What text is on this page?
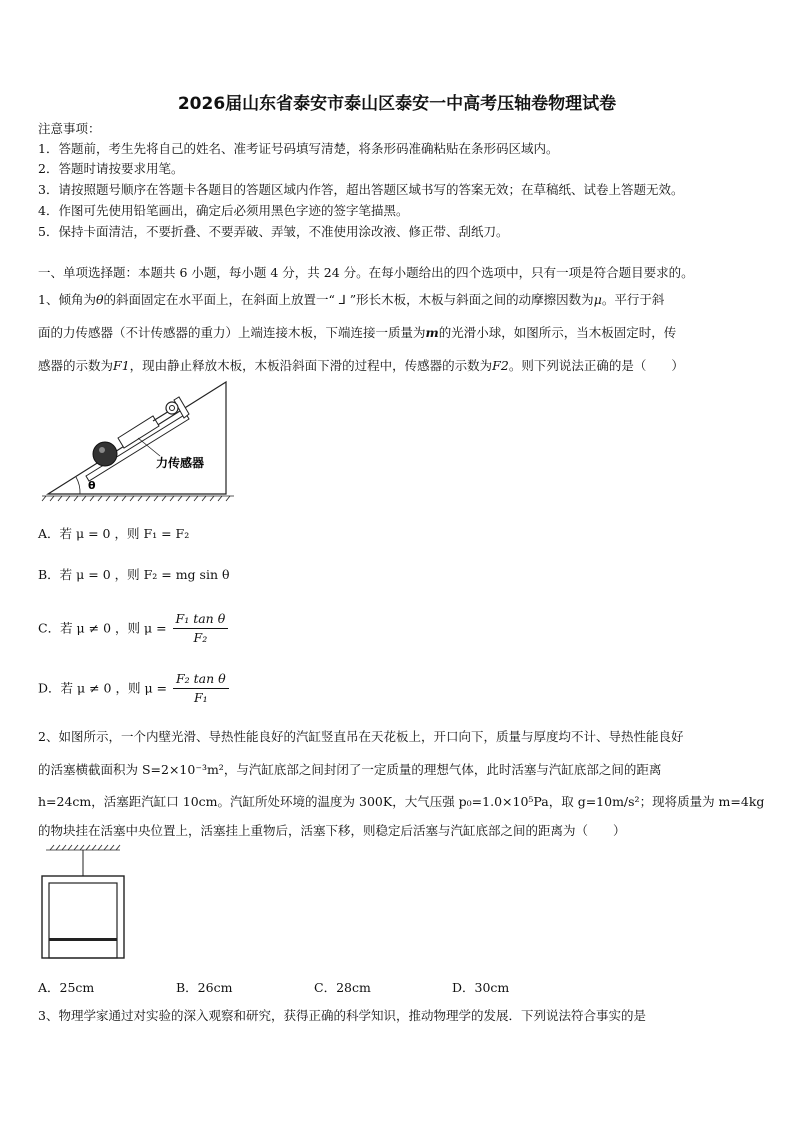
2026届山东省泰安市泰山区泰安一中高考压轴卷物理试卷
注意事项：
1．答题前，考生先将自己的姓名、准考证号码填写清楚，将条形码准确粘贴在条形码区域内。
2．答题时请按要求用笔。
3．请按照题号顺序在答题卡各题目的答题区域内作答，超出答题区域书写的答案无效；在草稿纸、试卷上答题无效。
4．作图可先使用铅笔画出，确定后必须用黑色字迹的签字笔描黑。
5．保持卡面清洁，不要折叠、不要弄破、弄皱，不准使用涂改液、修正带、刮纸刀。
一、单项选择题：本题共 6 小题，每小题 4 分，共 24 分。在每小题给出的四个选项中，只有一项是符合题目要求的。
1、倾角为θ的斜面固定在水平面上，在斜面上放置一“ ⅃ ”形长木板，木板与斜面之间的动摩擦因数为μ。平行于斜
面的力传感器（不计传感器的重力）上端连接木板，下端连接一质量为m的光滑小球，如图所示，当木板固定时，传
感器的示数为F1，现由静止释放木板，木板沿斜面下滑的过程中，传感器的示数为F2。则下列说法正确的是（　　）
θ
力传感器
A．若 μ = 0 ，则 F₁ = F₂
B．若 μ = 0 ，则 F₂ = mg sin θ
C．若 μ ≠ 0 ，则 $\mu = \frac{\text{F₁ tan θ}}{\text{F₂}}$
D．若 μ ≠ 0 ，则 $\mu = \frac{\text{F₂ tan θ}}{\text{F₁}}$
2、如图所示，一个内壁光滑、导热性能良好的汽缸竖直吊在天花板上，开口向下，质量与厚度均不计、导热性能良好
的活塞横截面积为 S=2×10⁻³m²，与汽缸底部之间封闭了一定质量的理想气体，此时活塞与汽缸底部之间的距离
h=24cm，活塞距汽缸口 10cm。汽缸所处环境的温度为 300K，大气压强 p₀=1.0×10⁵Pa，取 g=10m/s²；现将质量为 m=4kg
的物块挂在活塞中央位置上，活塞挂上重物后，活塞下移，则稳定后活塞与汽缸底部之间的距离为（　　）
A．25cm	B．26cm	C．28cm	D．30cm
3、物理学家通过对实验的深入观察和研究，获得正确的科学知识，推动物理学的发展．下列说法符合事实的是
